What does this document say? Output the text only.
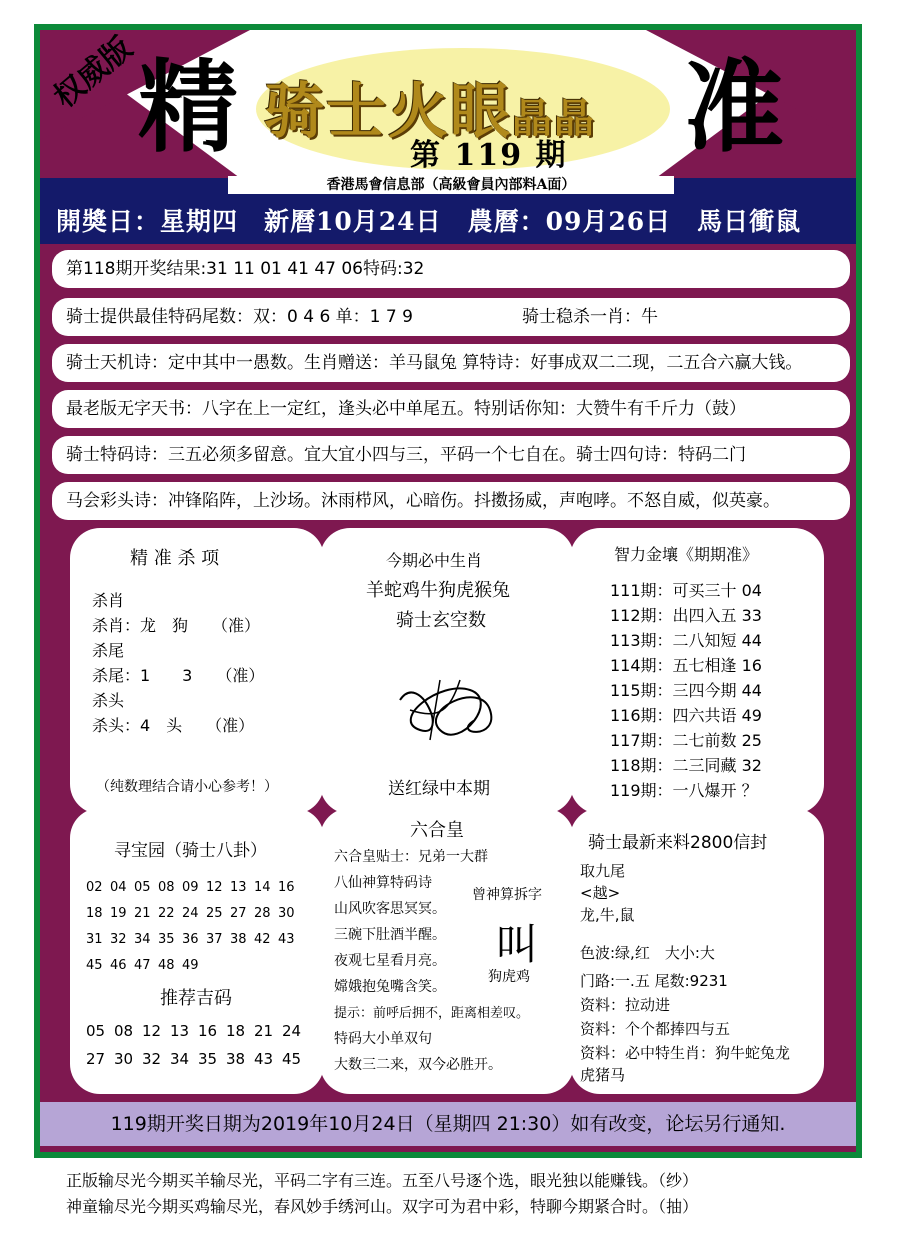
权威版 精 骑士火眼晶晶
第 119 期 准
香港馬會信息部（高級會員內部料A面）
開奬日：星期四　新曆10月24日　農曆：09月26日　馬日衝鼠
第118期开奖结果:31 11 01 41 47 06特码:32
骑士提供最佳特码尾数：双：0 4 6 单：1 7 9	骑士稳杀一肖：牛
骑士天机诗：定中其中一愚数。生肖赠送：羊马鼠兔 算特诗：好事成双二二现，二五合六赢大钱。
最老版无字天书：八字在上一定红，逢头必中单尾五。特别话你知：大赞牛有千斤力（鼓）
骑士特码诗：三五必须多留意。宜大宜小四与三，平码一个七自在。骑士四句诗：特码二门
马会彩头诗：冲锋陷阵，上沙场。沐雨栉风，心暗伤。抖擞扬威，声咆哮。不怒自威，似英豪。
精 准 杀 项
杀肖
杀肖：龙　狗　　（准）
杀尾
杀尾：1　　3　　（准）
杀头
杀头：4　头　　（准）
（纯数理结合请小心参考！）
今期必中生肖
羊蛇鸡牛狗虎猴兔
骑士玄空数
送红绿中本期
智力金壤《期期准》
111期：可买三十 04
112期：出四入五 33
113期：二八知短 44
114期：五七相逢 16
115期：三四今期 44
116期：四六共语 49
117期：二七前数 25
118期：二三同藏 32
119期：一八爆开 ？
寻宝园（骑士八卦）
02 04 05 08 09 12 13 14 16
18 19 21 22 24 25 27 28 30
31 32 34 35 36 37 38 42 43
45 46 47 48 49
推荐吉码
05 08 12 13 16 18 21 24
27 30 32 34 35 38 43 45
六合皇
六合皇贴士：兄弟一大群
八仙神算特码诗
山风吹客思冥冥。
三碗下肚酒半醒。
夜观七星看月亮。
嫦娥抱兔嘴含笑。
提示：前呼后拥不，距离相差叹。
特码大小单双句
大数三二来，双今必胜开。
曾神算拆字
叫
狗虎鸡
骑士最新来料2800信封
取九尾
<越>
龙,牛,鼠
色波:绿,红　大小:大
门路:一.五 尾数:9231
资料：拉动进
资料：个个都捧四与五
资料：必中特生肖：狗牛蛇兔龙
虎猪马
119期开奖日期为2019年10月24日（星期四 21:30）如有改变，论坛另行通知.
正版输尽光今期买羊输尽光，平码二字有三连。五至八号逐个选，眼光独以能赚钱。（纱）
神童输尽光今期买鸡输尽光，春风妙手绣河山。双字可为君中彩，特聊今期紧合时。（抽）
